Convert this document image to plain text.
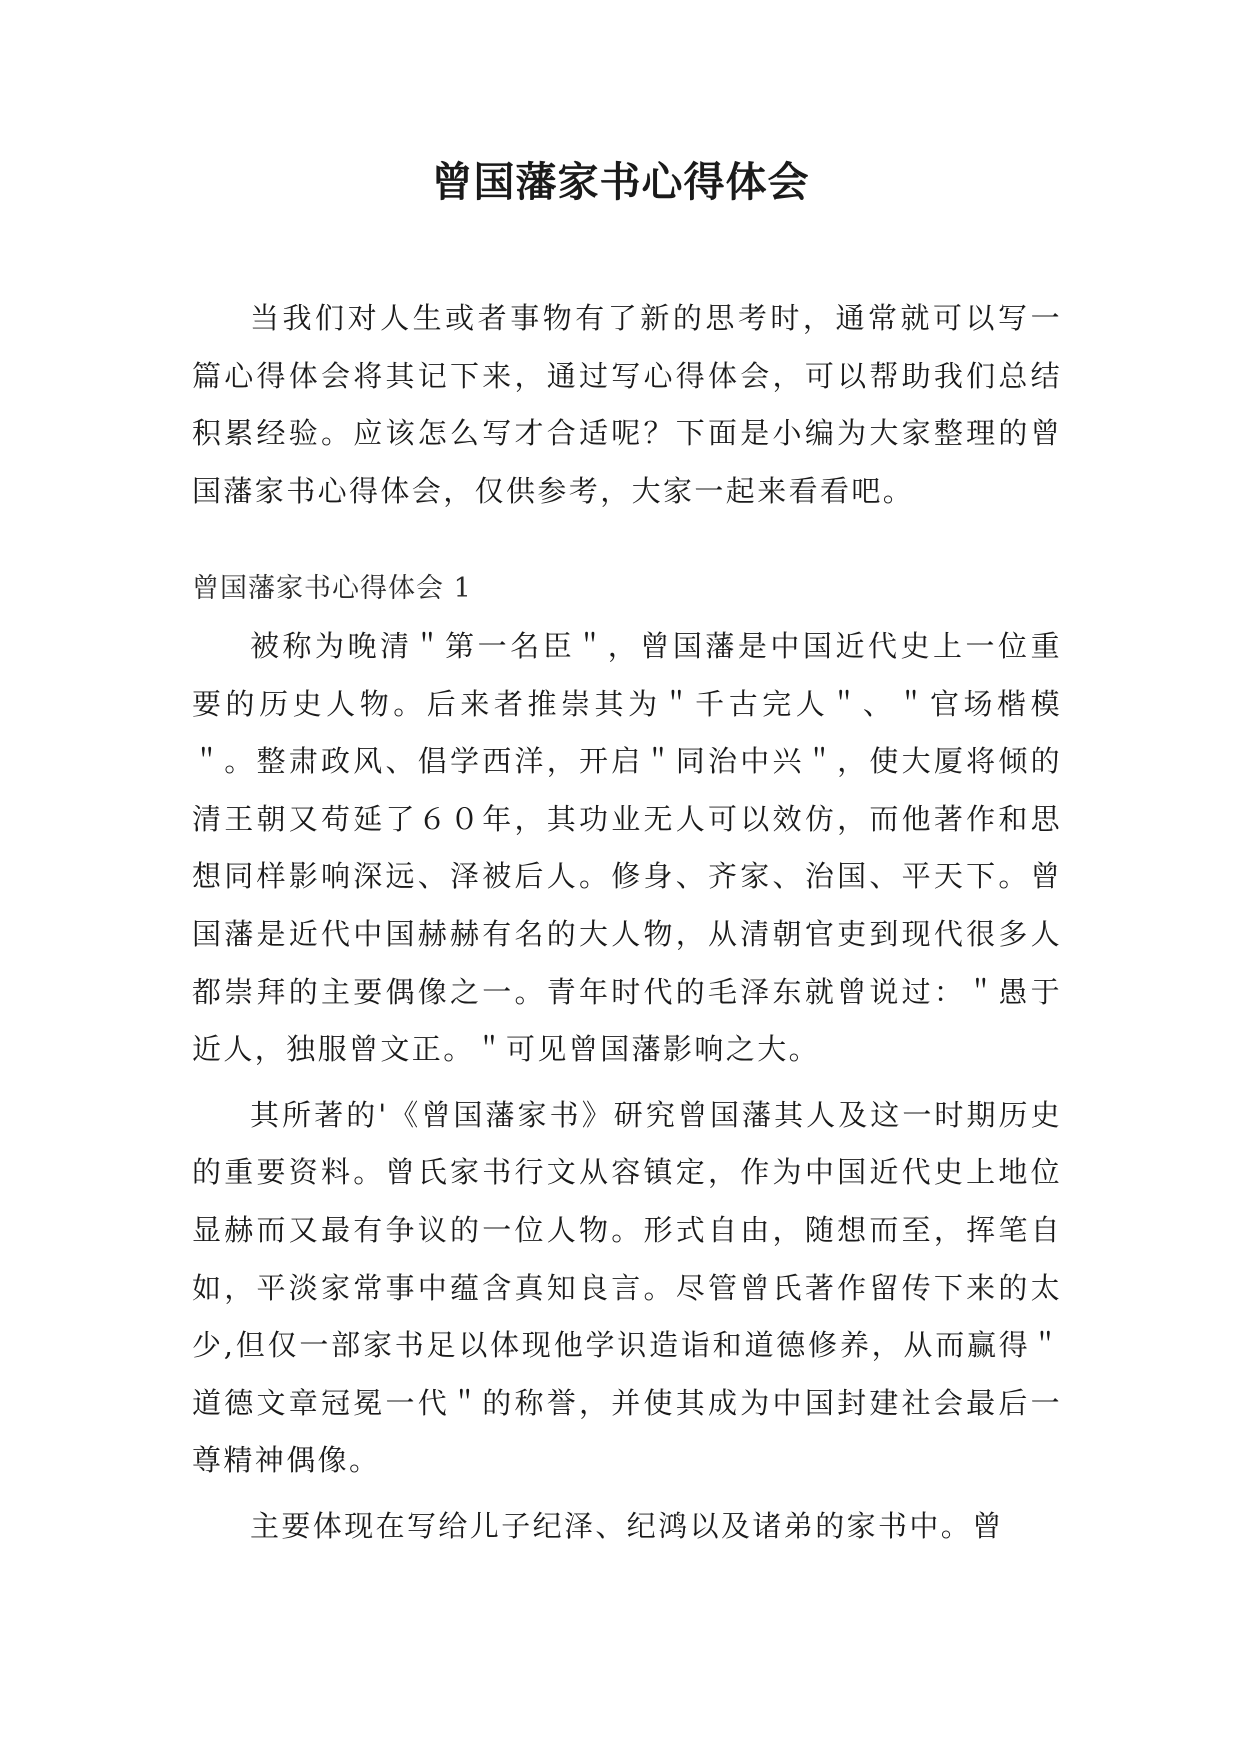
曾国藩家书心得体会

当我们对人生或者事物有了新的思考时，通常就可以写一篇心得体会将其记下来，通过写心得体会，可以帮助我们总结积累经验。应该怎么写才合适呢？下面是小编为大家整理的曾国藩家书心得体会，仅供参考，大家一起来看看吧。

曾国藩家书心得体会 1

被称为晚清＂第一名臣＂，曾国藩是中国近代史上一位重要的历史人物。后来者推崇其为＂千古完人＂、＂官场楷模＂。整肃政风、倡学西洋，开启＂同治中兴＂，使大厦将倾的清王朝又苟延了６０年，其功业无人可以效仿，而他著作和思想同样影响深远、泽被后人。修身、齐家、治国、平天下。曾国藩是近代中国赫赫有名的大人物，从清朝官吏到现代很多人都崇拜的主要偶像之一。青年时代的毛泽东就曾说过：＂愚于近人，独服曾文正。＂可见曾国藩影响之大。

其所著的'《曾国藩家书》研究曾国藩其人及这一时期历史的重要资料。曾氏家书行文从容镇定，作为中国近代史上地位显赫而又最有争议的一位人物。形式自由，随想而至，挥笔自如，平淡家常事中蕴含真知良言。尽管曾氏著作留传下来的太少,但仅一部家书足以体现他学识造诣和道德修养，从而赢得＂道德文章冠冕一代＂的称誉，并使其成为中国封建社会最后一尊精神偶像。

主要体现在写给儿子纪泽、纪鸿以及诸弟的家书中。曾
